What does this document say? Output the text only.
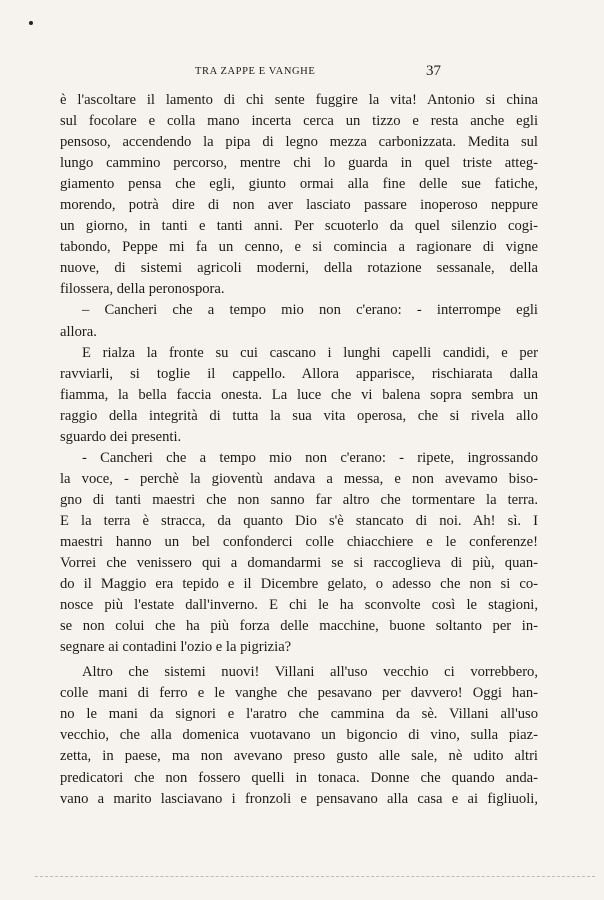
TRA ZAPPE E VANGHE	37
è l'ascoltare il lamento di chi sente fuggire la vita! Antonio si china
sul focolare e colla mano incerta cerca un tizzo e resta anche egli
pensoso, accendendo la pipa di legno mezza carbonizzata. Medita sul
lungo cammino percorso, mentre chi lo guarda in quel triste atteg-
giamento pensa che egli, giunto ormai alla fine delle sue fatiche,
morendo, potrà dire di non aver lasciato passare inoperoso neppure
un giorno, in tanti e tanti anni. Per scuoterlo da quel silenzio cogi-
tabondo, Peppe mi fa un cenno, e si comincia a ragionare di vigne
nuove, di sistemi agricoli moderni, della rotazione sessanale, della
filossera, della peronospora.
– Cancheri che a tempo mio non c'erano: - interrompe egli
allora.
E rialza la fronte su cui cascano i lunghi capelli candidi, e per
ravviarli, si toglie il cappello. Allora apparisce, rischiarata dalla
fiamma, la bella faccia onesta. La luce che vi balena sopra sembra un
raggio della integrità di tutta la sua vita operosa, che si rivela allo
sguardo dei presenti.
- Cancheri che a tempo mio non c'erano: - ripete, ingrossando
la voce, - perchè la gioventù andava a messa, e non avevamo biso-
gno di tanti maestri che non sanno far altro che tormentare la terra.
E la terra è stracca, da quanto Dio s'è stancato di noi. Ah! sì. I
maestri hanno un bel confonderci colle chiacchiere e le conferenze!
Vorrei che venissero qui a domandarmi se si raccoglieva di più, quan-
do il Maggio era tepido e il Dicembre gelato, o adesso che non si co-
nosce più l'estate dall'inverno. E chi le ha sconvolte così le stagioni,
se non colui che ha più forza delle macchine, buone soltanto per in-
segnare ai contadini l'ozio e la pigrizia?
Altro che sistemi nuovi! Villani all'uso vecchio ci vorrebbero,
colle mani di ferro e le vanghe che pesavano per davvero! Oggi han-
no le mani da signori e l'aratro che cammina da sè. Villani all'uso
vecchio, che alla domenica vuotavano un bigoncio di vino, sulla piaz-
zetta, in paese, ma non avevano preso gusto alle sale, nè udito altri
predicatori che non fossero quelli in tonaca. Donne che quando anda-
vano a marito lasciavano i fronzoli e pensavano alla casa e ai figliuoli,
